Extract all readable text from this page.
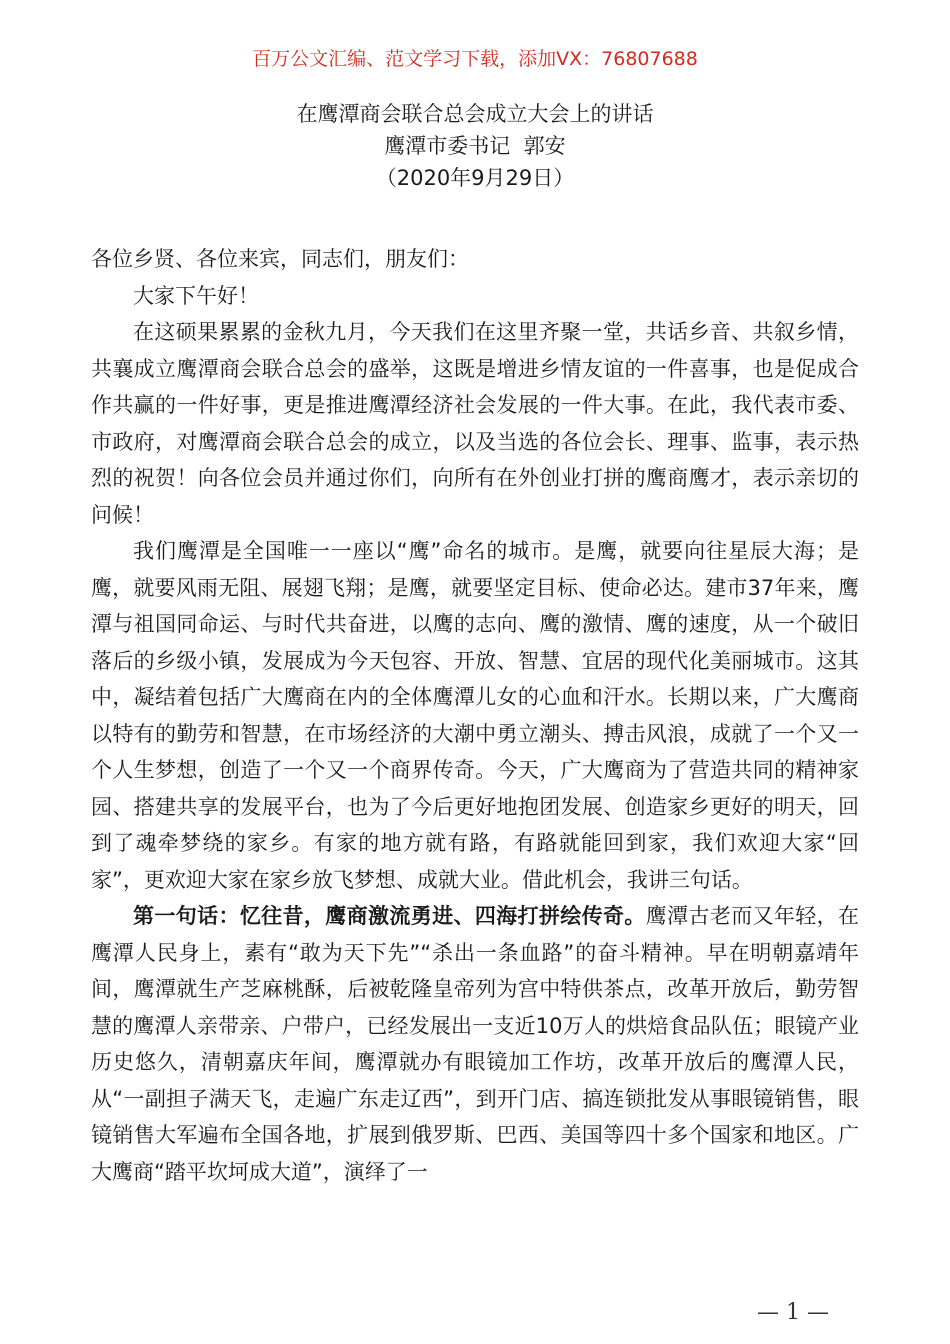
百万公文汇编、范文学习下载，添加VX：76807688
在鹰潭商会联合总会成立大会上的讲话
鹰潭市委书记  郭安
（2020年9月29日）

各位乡贤、各位来宾，同志们，朋友们：

大家下午好！

在这硕果累累的金秋九月，今天我们在这里齐聚一堂，共话乡音、共叙乡情，共襄成立鹰潭商会联合总会的盛举，这既是增进乡情友谊的一件喜事，也是促成合作共赢的一件好事，更是推进鹰潭经济社会发展的一件大事。在此，我代表市委、市政府，对鹰潭商会联合总会的成立，以及当选的各位会长、理事、监事，表示热烈的祝贺！向各位会员并通过你们，向所有在外创业打拼的鹰商鹰才，表示亲切的问候！

我们鹰潭是全国唯一一座以“鹰”命名的城市。是鹰，就要向往星辰大海；是鹰，就要风雨无阻、展翅飞翔；是鹰，就要坚定目标、使命必达。建市37年来，鹰潭与祖国同命运、与时代共奋进，以鹰的志向、鹰的激情、鹰的速度，从一个破旧落后的乡级小镇，发展成为今天包容、开放、智慧、宜居的现代化美丽城市。这其中，凝结着包括广大鹰商在内的全体鹰潭儿女的心血和汗水。长期以来，广大鹰商以特有的勤劳和智慧，在市场经济的大潮中勇立潮头、搏击风浪，成就了一个又一个人生梦想，创造了一个又一个商界传奇。今天，广大鹰商为了营造共同的精神家园、搭建共享的发展平台，也为了今后更好地抱团发展、创造家乡更好的明天，回到了魂牵梦绕的家乡。有家的地方就有路，有路就能回到家，我们欢迎大家“回家”，更欢迎大家在家乡放飞梦想、成就大业。借此机会，我讲三句话。

第一句话：忆往昔，鹰商激流勇进、四海打拼绘传奇。鹰潭古老而又年轻，在鹰潭人民身上，素有“敢为天下先”“杀出一条血路”的奋斗精神。早在明朝嘉靖年间，鹰潭就生产芝麻桃酥，后被乾隆皇帝列为宫中特供茶点，改革开放后，勤劳智慧的鹰潭人亲带亲、户带户，已经发展出一支近10万人的烘焙食品队伍；眼镜产业历史悠久，清朝嘉庆年间，鹰潭就办有眼镜加工作坊，改革开放后的鹰潭人民，从“一副担子满天飞，走遍广东走辽西”，到开门店、搞连锁批发从事眼镜销售，眼镜销售大军遍布全国各地，扩展到俄罗斯、巴西、美国等四十多个国家和地区。广大鹰商“踏平坎坷成大道”，演绎了一

— 1 —
